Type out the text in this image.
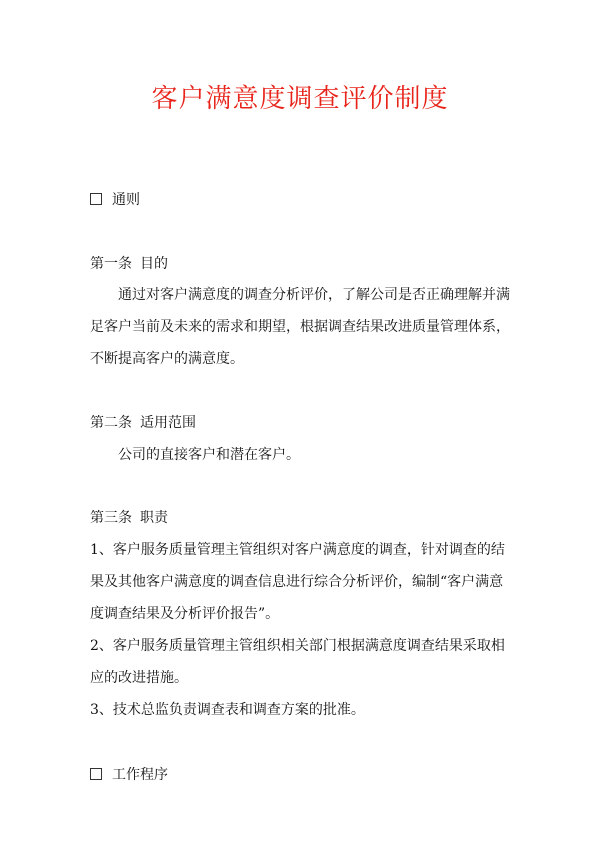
客户满意度调查评价制度
通则
第一条 目的
通过对客户满意度的调查分析评价，了解公司是否正确理解并满
足客户当前及未来的需求和期望，根据调查结果改进质量管理体系，
不断提高客户的满意度。
第二条 适用范围
公司的直接客户和潜在客户。
第三条 职责
1、客户服务质量管理主管组织对客户满意度的调查，针对调查的结
果及其他客户满意度的调查信息进行综合分析评价，编制“客户满意
度调查结果及分析评价报告”。
2、客户服务质量管理主管组织相关部门根据满意度调查结果采取相
应的改进措施。
3、技术总监负责调查表和调查方案的批准。
工作程序
